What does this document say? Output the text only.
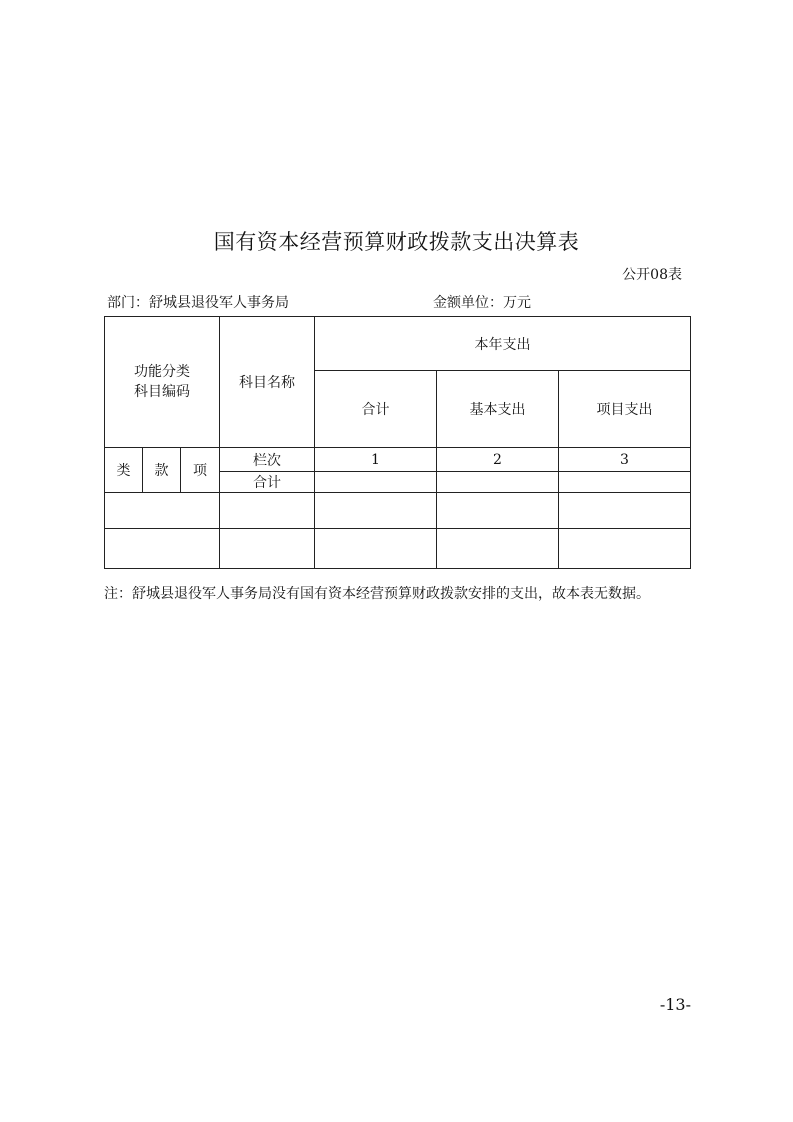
国有资本经营预算财政拨款支出决算表
公开08表
部门：舒城县退役军人事务局	金额单位：万元
功能分类
科目编码			科目名称	本年支出		
				合计	基本支出	项目支出
类	款	项	栏次	1	2	3
			合计			

注：舒城县退役军人事务局没有国有资本经营预算财政拨款安排的支出，故本表无数据。
-13-
